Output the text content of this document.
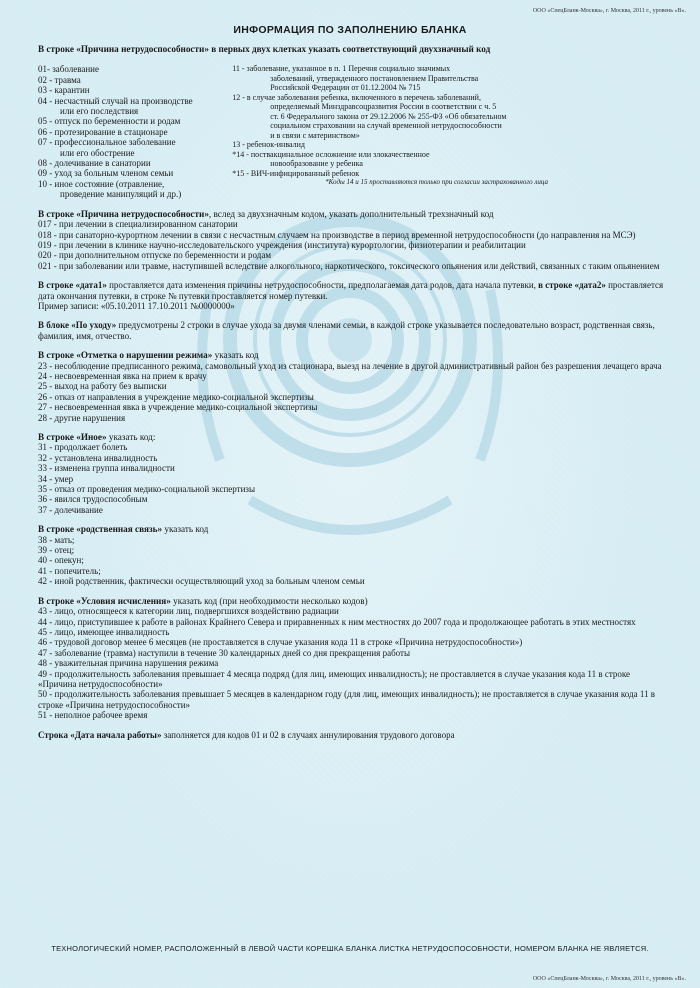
ООО «СпецБланк-Москва», г. Москва, 2011 г., уровень «В».
ИНФОРМАЦИЯ ПО ЗАПОЛНЕНИЮ БЛАНКА
В строке «Причина нетрудоспособности» в первых двух клетках указать соответствующий двухзначный код
01- заболевание
02 - травма
03 - карантин
04 - несчастный случай на производстве
или его последствия
05 - отпуск по беременности и родам
06 - протезирование в стационаре
07 - профессиональное заболевание
или его обострение
08 - долечивание в санатории
09 - уход за больным членом семьи
10 - иное состояние (отравление,
проведение манипуляций и др.)
11 - заболевание, указанное в п. 1 Перечня социально значимых
заболеваний, утвержденного постановлением Правительства
Российской Федерации от 01.12.2004 № 715
12 - в случае заболевания ребенка, включенного в перечень заболеваний,
определяемый Минздравсоцразвития России в соответствии с ч. 5
ст. 6 Федерального закона от 29.12.2006 № 255-ФЗ «Об обязательном
социальном страховании на случай временной нетрудоспособности
и в связи с материнством»
13 - ребенок-инвалид
*14 - поствакцинальное осложнение или злокачественное
новообразование у ребенка
*15 - ВИЧ-инфицированный ребенок
*Коды 14 и 15 проставляются только при согласии застрахованного лица
В строке «Причина нетрудоспособности», вслед за двухзначным кодом, указать дополнительный трехзначный код
017 - при лечении в специализированном санатории
018 - при санаторно-курортном лечении в связи с несчастным случаем на производстве в период временной нетрудоспособности (до направления на МСЭ)
019 - при лечении в клинике научно-исследовательского учреждения (института) курортологии, физиотерапии и реабилитации
020 - при дополнительном отпуске по беременности и родам
021 - при заболевании или травме, наступившей вследствие алкогольного, наркотического, токсического опьянения или действий, связанных с таким опьянением
В строке «дата1» проставляется дата изменения причины нетрудоспособности, предполагаемая дата родов, дата начала путевки, в строке «дата2» проставляется дата окончания путевки, в строке № путевки проставляется номер путевки.
Пример записи: «05.10.2011 17.10.2011 №0000000»
В блоке «По уходу» предусмотрены 2 строки в случае ухода за двумя членами семьи, в каждой строке указывается последовательно возраст, родственная связь, фамилия, имя, отчество.
В строке «Отметка о нарушении режима» указать код
23 - несоблюдение предписанного режима, самовольный уход из стационара, выезд на лечение в другой административный район без разрешения лечащего врача
24 - несвоевременная явка на прием к врачу
25 - выход на работу без выписки
26 - отказ от направления в учреждение медико-социальной экспертизы
27 - несвоевременная явка в учреждение медико-социальной экспертизы
28 - другие нарушения
В строке «Иное» указать код:
31 - продолжает болеть
32 - установлена инвалидность
33 - изменена группа инвалидности
34 - умер
35 - отказ от проведения медико-социальной экспертизы
36 - явился трудоспособным
37 - долечивание
В строке «родственная связь» указать код
38 - мать;
39 - отец;
40 - опекун;
41 - попечитель;
42 - иной родственник, фактически осуществляющий уход за больным членом семьи
В строке «Условия исчисления» указать код (при необходимости несколько кодов)
43 - лицо, относящееся к категории лиц, подвергшихся воздействию радиации
44 - лицо, приступившее к работе в районах Крайнего Севера и приравненных к ним местностях до 2007 года и продолжающее работать в этих местностях
45 - лицо, имеющее инвалидность
46 - трудовой договор менее 6 месяцев (не проставляется в случае указания кода 11 в строке «Причина нетрудоспособности»)
47 - заболевание (травма) наступили в течение 30 календарных дней со дня прекращения работы
48 - уважительная причина нарушения режима
49 - продолжительность заболевания превышает 4 месяца подряд (для лиц, имеющих инвалидность); не проставляется в случае указания кода 11 в строке «Причина нетрудоспособности»
50 - продолжительность заболевания превышает 5 месяцев в календарном году (для лиц, имеющих инвалидность); не проставляется в случае указания кода 11 в строке «Причина нетрудоспособности»
51 - неполное рабочее время
Строка «Дата начала работы» заполняется для кодов 01 и 02 в случаях аннулирования трудового договора
ТЕХНОЛОГИЧЕСКИЙ НОМЕР, РАСПОЛОЖЕННЫЙ В ЛЕВОЙ ЧАСТИ КОРЕШКА БЛАНКА ЛИСТКА НЕТРУДОСПОСОБНОСТИ, НОМЕРОМ БЛАНКА НЕ ЯВЛЯЕТСЯ.
ООО «СпецБланк-Москва», г. Москва, 2011 г., уровень «В».
